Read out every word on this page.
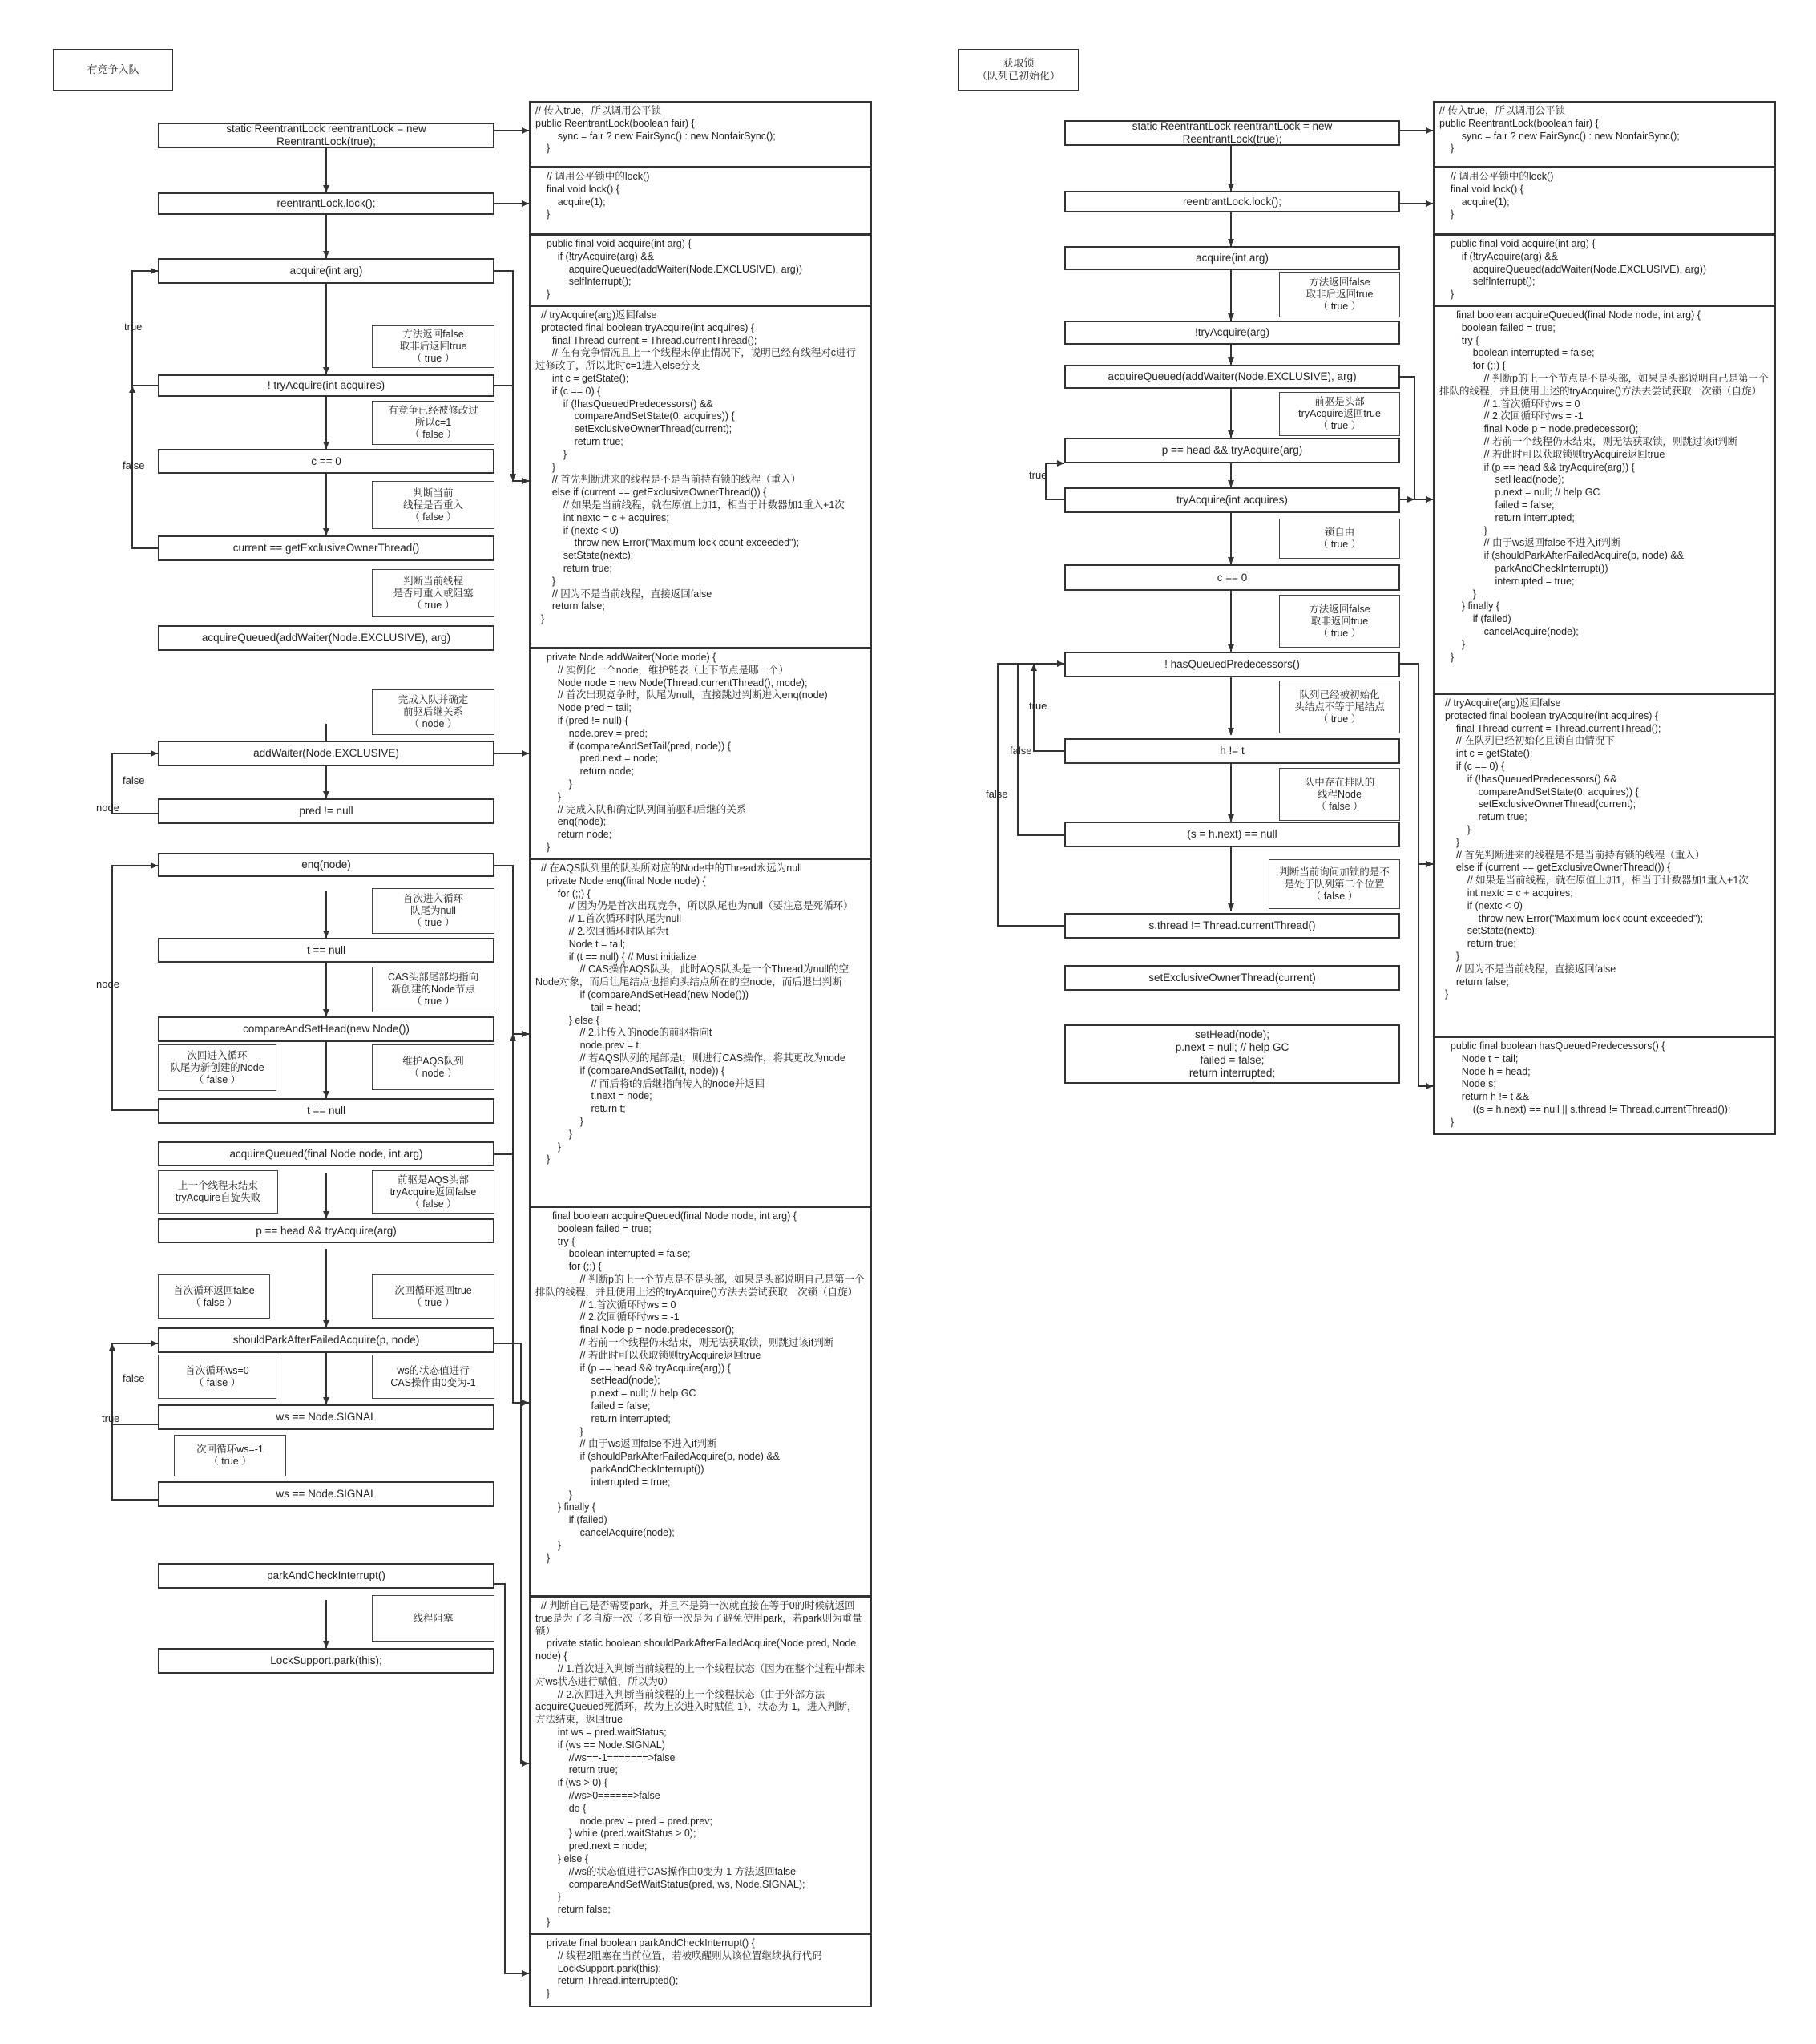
有竞争入队
static ReentrantLock reentrantLock = new
ReentrantLock(true);
reentrantLock.lock();
acquire(int arg)
! tryAcquire(int acquires)
c == 0
current == getExclusiveOwnerThread()
acquireQueued(addWaiter(Node.EXCLUSIVE), arg)
addWaiter(Node.EXCLUSIVE)
pred != null
enq(node)
t == null
compareAndSetHead(new Node())
t == null
acquireQueued(final Node node, int arg)
p == head && tryAcquire(arg)
shouldParkAfterFailedAcquire(p, node)
ws == Node.SIGNAL
ws == Node.SIGNAL
parkAndCheckInterrupt()
LockSupport.park(this);
方法返回false
取非后返回true
（ true ）
有竞争已经被修改过
所以c=1
（ false ）
判断当前
线程是否重入
（ false ）
判断当前线程
是否可重入或阻塞
（ true ）
完成入队并确定
前驱后继关系
（ node ）
首次进入循环
队尾为null
（ true ）
CAS头部尾部均指向
新创建的Node节点
（ true ）
次回进入循环
队尾为新创建的Node
（ false ）
维护AQS队列
（ node ）
上一个线程未结束
tryAcquire自旋失败
前驱是AQS头部
tryAcquire返回false
（ false ）
首次循环返回false
（ false ）
次回循环返回true
（ true ）
首次循环ws=0
（ false ）
ws的状态值进行
CAS操作由0变为-1
次回循环ws=-1
（ true ）
线程阻塞
true
false
false
node
node
false
true
// 传入true，所以调用公平锁
public ReentrantLock(boolean fair) {
sync = fair ? new FairSync() : new NonfairSync();
}
// 调用公平锁中的lock()
final void lock() {
acquire(1);
}
public final void acquire(int arg) {
if (!tryAcquire(arg) &&
acquireQueued(addWaiter(Node.EXCLUSIVE), arg))
selfInterrupt();
}
// tryAcquire(arg)返回false
protected final boolean tryAcquire(int acquires) {
final Thread current = Thread.currentThread();
// 在有竞争情况且上一个线程未停止情况下，说明已经有线程对c进行过修改了，所以此时c=1进入else分支
int c = getState();
if (c == 0) {
if (!hasQueuedPredecessors() &&
compareAndSetState(0, acquires)) {
setExclusiveOwnerThread(current);
return true;
}
}
// 首先判断进来的线程是不是当前持有锁的线程（重入）
else if (current == getExclusiveOwnerThread()) {
// 如果是当前线程，就在原值上加1，相当于计数器加1重入+1次
int nextc = c + acquires;
if (nextc < 0)
throw new Error("Maximum lock count exceeded");
setState(nextc);
return true;
}
// 因为不是当前线程，直接返回false
return false;
}
private Node addWaiter(Node mode) {
// 实例化一个node，维护链表（上下节点是哪一个）
Node node = new Node(Thread.currentThread(), mode);
// 首次出现竞争时，队尾为null，直接跳过判断进入enq(node)
Node pred = tail;
if (pred != null) {
node.prev = pred;
if (compareAndSetTail(pred, node)) {
pred.next = node;
return node;
}
}
// 完成入队和确定队列间前驱和后继的关系
enq(node);
return node;
}
// 在AQS队列里的队头所对应的Node中的Thread永远为null
private Node enq(final Node node) {
for (;;) {
// 因为仍是首次出现竞争，所以队尾也为null（要注意是死循环）
// 1.首次循环时队尾为null
// 2.次回循环时队尾为t
Node t = tail;
if (t == null) { // Must initialize
// CAS操作AQS队头，此时AQS队头是一个Thread为null的空Node对象，而后让尾结点也指向头结点所在的空node，而后退出判断
if (compareAndSetHead(new Node()))
tail = head;
} else {
// 2.让传入的node的前驱指向t
node.prev = t;
// 若AQS队列的尾部是t，则进行CAS操作，将其更改为node
if (compareAndSetTail(t, node)) {
// 而后将t的后继指向传入的node并返回
t.next = node;
return t;
}
}
}
}
final boolean acquireQueued(final Node node, int arg) {
boolean failed = true;
try {
boolean interrupted = false;
for (;;) {
// 判断p的上一个节点是不是头部，如果是头部说明自己是第一个排队的线程，并且使用上述的tryAcquire()方法去尝试获取一次锁（自旋）
// 1.首次循环时ws = 0
// 2.次回循环时ws = -1
final Node p = node.predecessor();
// 若前一个线程仍未结束，则无法获取锁，则跳过该if判断
// 若此时可以获取锁则tryAcquire返回true
if (p == head && tryAcquire(arg)) {
setHead(node);
p.next = null; // help GC
failed = false;
return interrupted;
}
// 由于ws返回false不进入if判断
if (shouldParkAfterFailedAcquire(p, node) &&
parkAndCheckInterrupt())
interrupted = true;
}
} finally {
if (failed)
cancelAcquire(node);
}
}
// 判断自己是否需要park，并且不是第一次就直接在等于0的时候就返回true是为了多自旋一次（多自旋一次是为了避免使用park，若park则为重量锁）
private static boolean shouldParkAfterFailedAcquire(Node pred, Node node) {
// 1.首次进入判断当前线程的上一个线程状态（因为在整个过程中都未对ws状态进行赋值，所以为0）
// 2.次回进入判断当前线程的上一个线程状态（由于外部方法acquireQueued死循环，故为上次进入时赋值-1），状态为-1，进入判断，方法结束，返回true
int ws = pred.waitStatus;
if (ws == Node.SIGNAL)
//ws==-1=======>false
return true;
if (ws > 0) {
//ws>0======>false
do {
node.prev = pred = pred.prev;
} while (pred.waitStatus > 0);
pred.next = node;
} else {
//ws的状态值进行CAS操作由0变为-1 方法返回false
compareAndSetWaitStatus(pred, ws, Node.SIGNAL);
}
return false;
}
private final boolean parkAndCheckInterrupt() {
// 线程2阻塞在当前位置，若被唤醒则从该位置继续执行代码
LockSupport.park(this);
return Thread.interrupted();
}
获取锁
（队列已初始化）
static ReentrantLock reentrantLock = new
ReentrantLock(true);
reentrantLock.lock();
acquire(int arg)
!tryAcquire(arg)
acquireQueued(addWaiter(Node.EXCLUSIVE), arg)
p == head && tryAcquire(arg)
tryAcquire(int acquires)
c == 0
! hasQueuedPredecessors()
h != t
(s = h.next) == null
s.thread != Thread.currentThread()
setExclusiveOwnerThread(current)
setHead(node);
p.next = null; // help GC
failed = false;
return interrupted;
方法返回false
取非后返回true
（ true ）
前驱是头部
tryAcquire返回true
（ true ）
锁自由
（ true ）
方法返回false
取非返回true
（ true ）
队列已经被初始化
头结点不等于尾结点
（ true ）
队中存在排队的
线程Node
（ false ）
判断当前询问加锁的是不
是处于队列第二个位置
（ false ）
true
true
false
false
// 传入true，所以调用公平锁
public ReentrantLock(boolean fair) {
sync = fair ? new FairSync() : new NonfairSync();
}
// 调用公平锁中的lock()
final void lock() {
acquire(1);
}
public final void acquire(int arg) {
if (!tryAcquire(arg) &&
acquireQueued(addWaiter(Node.EXCLUSIVE), arg))
selfInterrupt();
}
final boolean acquireQueued(final Node node, int arg) {
boolean failed = true;
try {
boolean interrupted = false;
for (;;) {
// 判断p的上一个节点是不是头部，如果是头部说明自己是第一个排队的线程，并且使用上述的tryAcquire()方法去尝试获取一次锁（自旋）
// 1.首次循环时ws = 0
// 2.次回循环时ws = -1
final Node p = node.predecessor();
// 若前一个线程仍未结束，则无法获取锁，则跳过该if判断
// 若此时可以获取锁则tryAcquire返回true
if (p == head && tryAcquire(arg)) {
setHead(node);
p.next = null; // help GC
failed = false;
return interrupted;
}
// 由于ws返回false不进入if判断
if (shouldParkAfterFailedAcquire(p, node) &&
parkAndCheckInterrupt())
interrupted = true;
}
} finally {
if (failed)
cancelAcquire(node);
}
}
// tryAcquire(arg)返回false
protected final boolean tryAcquire(int acquires) {
final Thread current = Thread.currentThread();
// 在队列已经初始化且锁自由情况下
int c = getState();
if (c == 0) {
if (!hasQueuedPredecessors() &&
compareAndSetState(0, acquires)) {
setExclusiveOwnerThread(current);
return true;
}
}
// 首先判断进来的线程是不是当前持有锁的线程（重入）
else if (current == getExclusiveOwnerThread()) {
// 如果是当前线程，就在原值上加1，相当于计数器加1重入+1次
int nextc = c + acquires;
if (nextc < 0)
throw new Error("Maximum lock count exceeded");
setState(nextc);
return true;
}
// 因为不是当前线程，直接返回false
return false;
}
public final boolean hasQueuedPredecessors() {
Node t = tail;
Node h = head;
Node s;
return h != t &&
((s = h.next) == null || s.thread != Thread.currentThread());
}
